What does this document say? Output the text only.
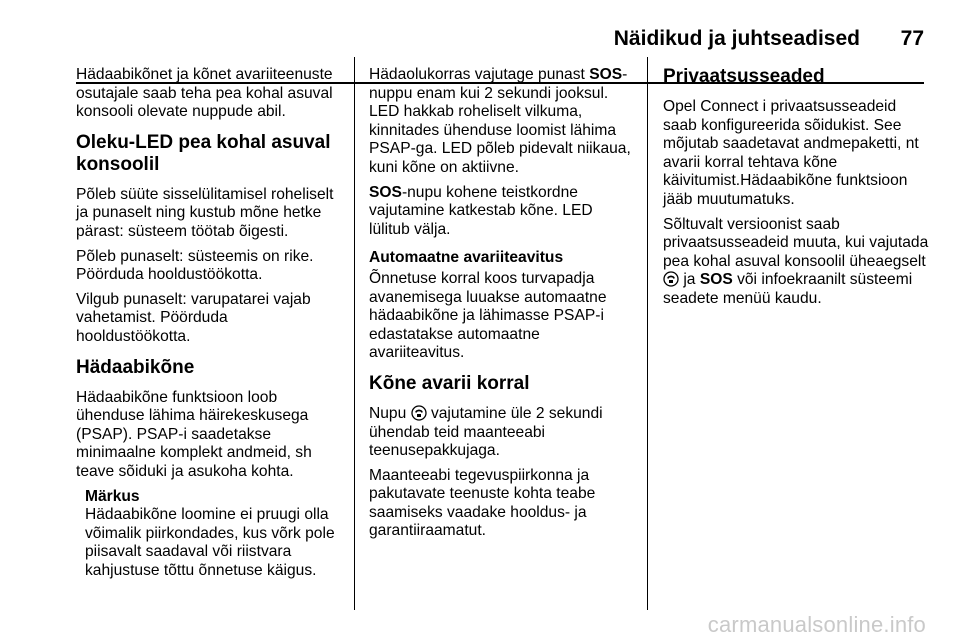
Näidikud ja juhtseadised 77

Hädaabikõnet ja kõnet avariiteenuste osutajale saab teha pea kohal asuval konsooli olevate nuppude abil.

Oleku-LED pea kohal asuval konsoolil

Põleb süüte sisselülitamisel roheliselt ja punaselt ning kustub mõne hetke pärast: süsteem töötab õigesti.

Põleb punaselt: süsteemis on rike. Pöörduda hooldustöökotta.

Vilgub punaselt: varupatarei vajab vahetamist. Pöörduda hooldustöökotta.

Hädaabikõne

Hädaabikõne funktsioon loob ühenduse lähima häirekeskusega (PSAP). PSAP-i saadetakse minimaalne komplekt andmeid, sh teave sõiduki ja asukoha kohta.

Märkus

Hädaabikõne loomine ei pruugi olla võimalik piirkondades, kus võrk pole piisavalt saadaval või riistvara kahjustuse tõttu õnnetuse käigus.

Hädaolukorras vajutage punast SOS-nuppu enam kui 2 sekundi jooksul. LED hakkab roheliselt vilkuma, kinnitades ühenduse loomist lähima PSAP-ga. LED põleb pidevalt niikaua, kuni kõne on aktiivne.

SOS-nupu kohene teistkordne vajutamine katkestab kõne. LED lülitub välja.

Automaatne avariiteavitus

Õnnetuse korral koos turvapadja avanemisega luuakse automaatne hädaabikõne ja lähimasse PSAP-i edastatakse automaatne avariiteavitus.

Kõne avarii korral

Nupu  vajutamine üle 2 sekundi ühendab teid maanteeabi teenusepakkujaga.

Maanteeabi tegevuspiirkonna ja pakutavate teenuste kohta teabe saamiseks vaadake hooldus- ja garantiiraamatut.

Privaatsusseaded

Opel Connect i privaatsusseadeid saab konfigureerida sõidukist. See mõjutab saadetavat andmepaketti, nt avarii korral tehtava kõne käivitumist.Hädaabikõne funktsioon jääb muutumatuks.

Sõltuvalt versioonist saab privaatsusseadeid muuta, kui vajutada pea kohal asuval konsoolil üheaegselt  ja SOS või infoekraanilt süsteemi seadete menüü kaudu.

carmanualsonline.info
